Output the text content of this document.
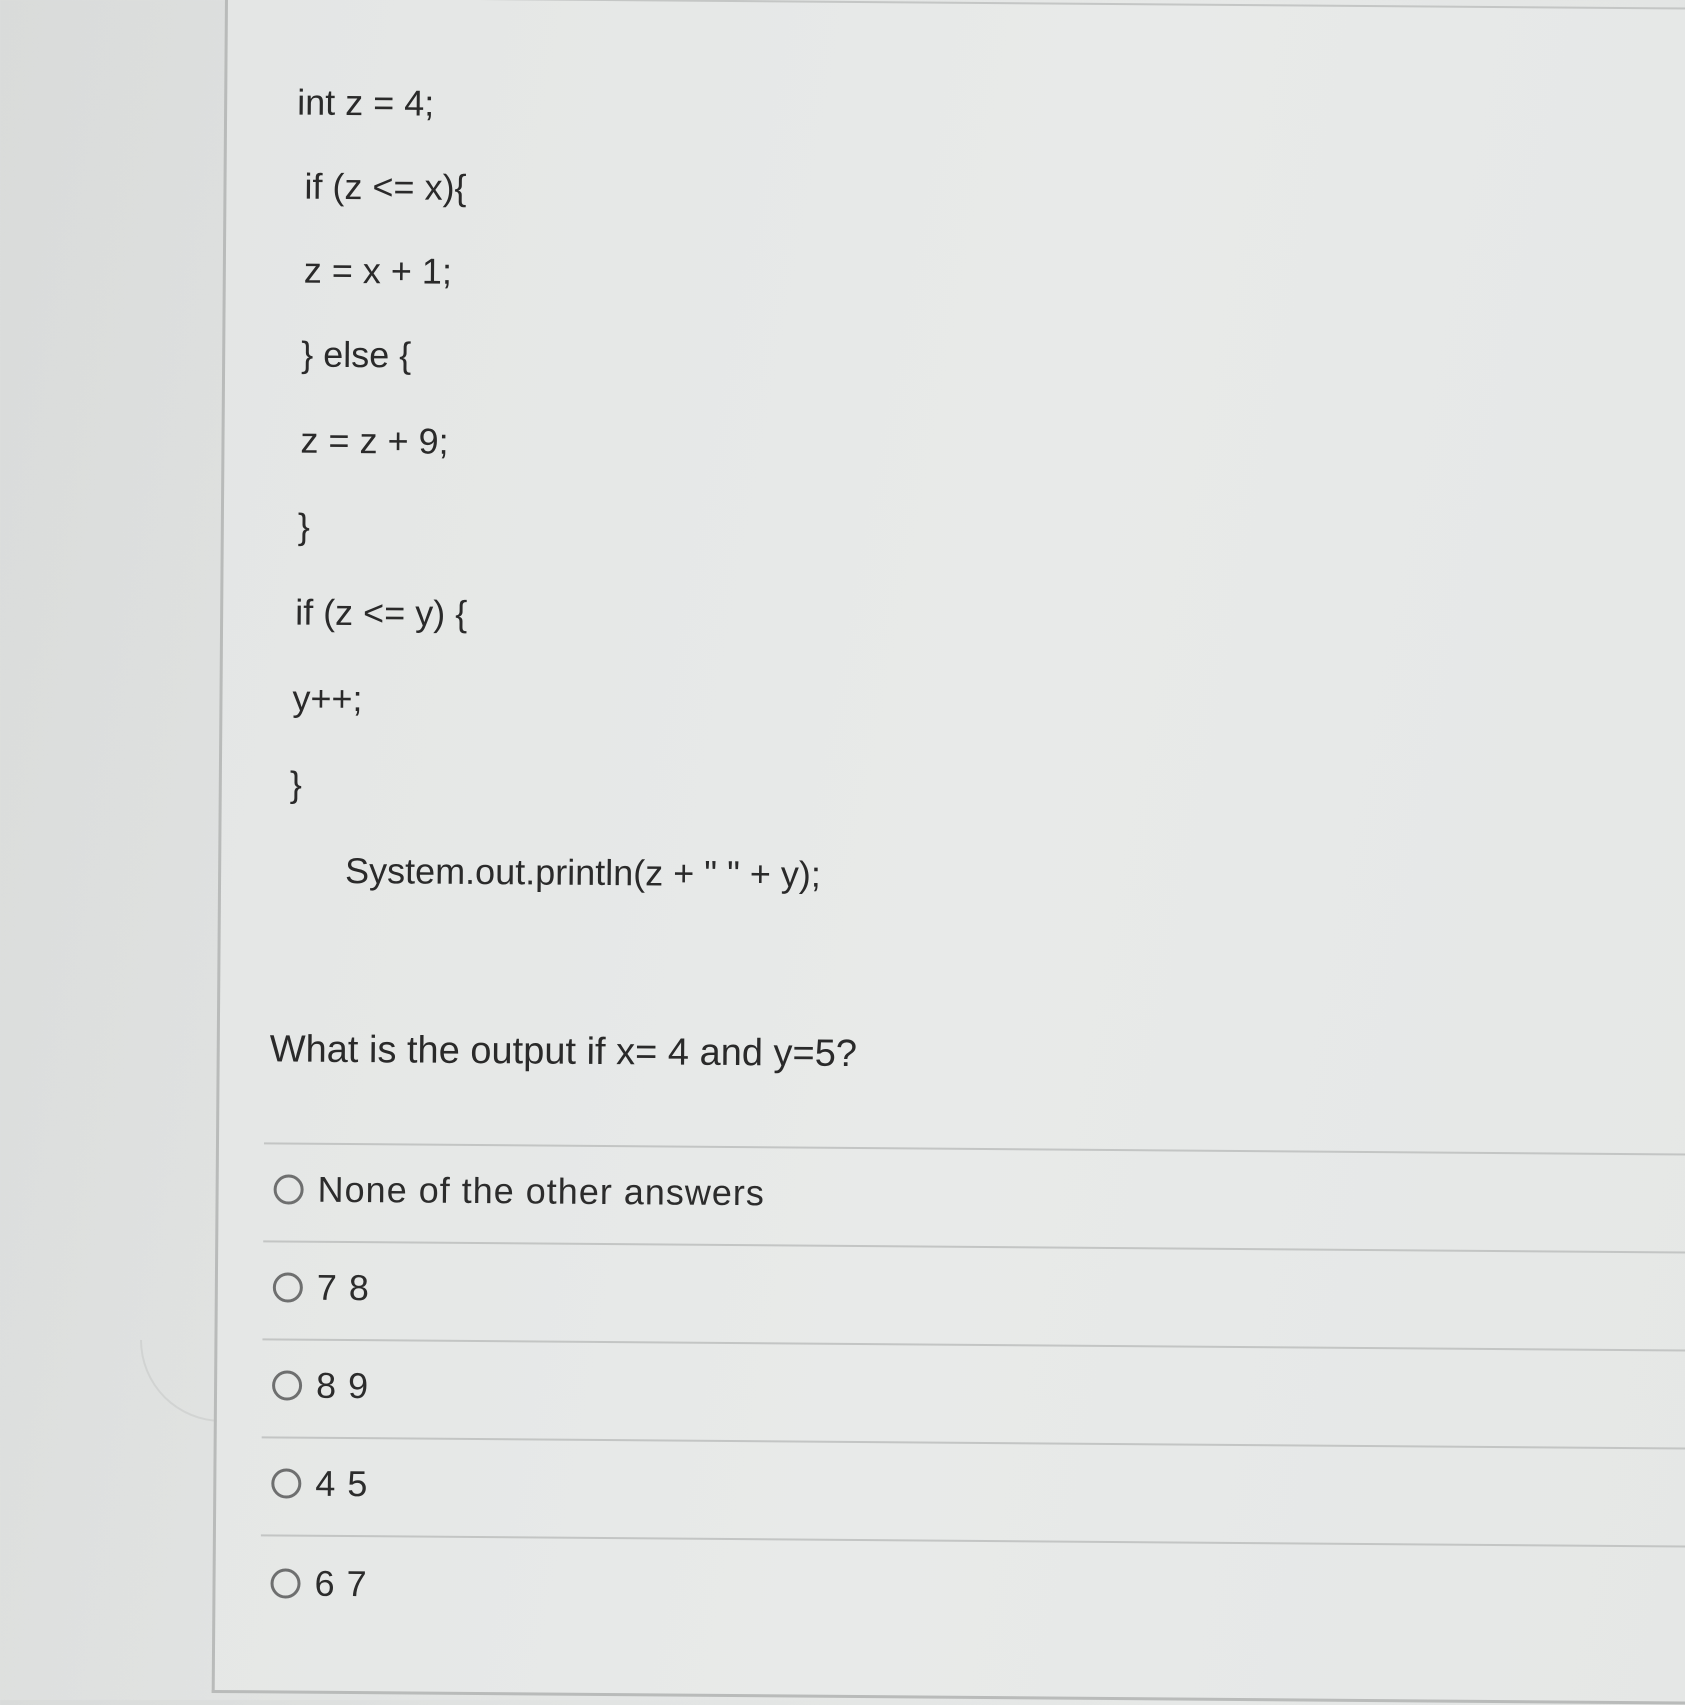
int z = 4;
if (z <= x){
z = x + 1;
} else {
z = z + 9;
}
if (z <= y) {
y++;
}
System.out.println(z + " " + y);
What is the output if x= 4 and y=5?
None of the other answers
7 8
8 9
4 5
6 7
